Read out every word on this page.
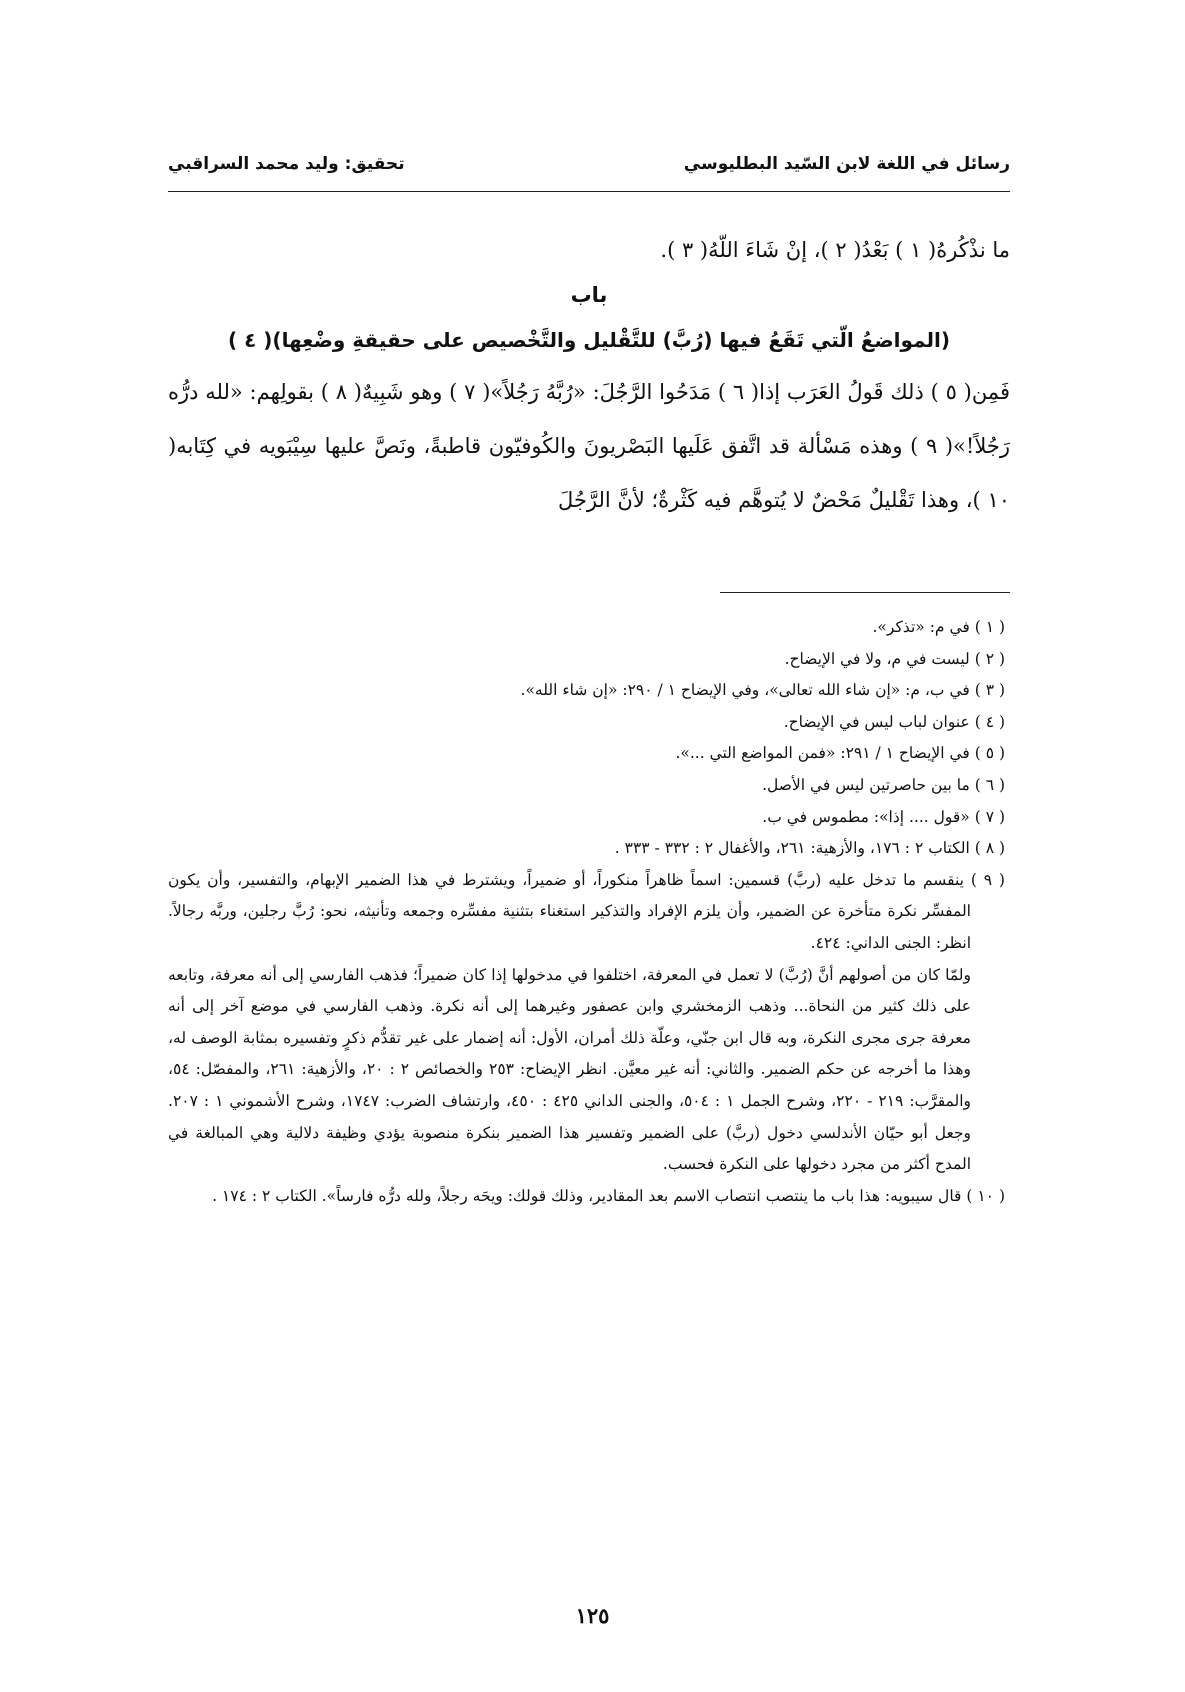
رسائل في اللغة لابن السّيد البطليوسي
تحقيق: وليد محمد السراقبي

ما نذْكُرهُ( ١ ) بَعْدُ( ٢ )، إنْ شَاءَ اللّهُ( ٣ ).

باب

(المواضعُ الّتي تَقَعُ فيها (رُبَّ) للتَّقْليل والتَّخْصيص على حقيقةِ وضْعِها)( ٤ )

فَمِن( ٥ ) ذلك قَولُ العَرَب إذا( ٦ ) مَدَحُوا الرَّجُلَ: «رُبَّهُ رَجُلاً»( ٧ ) وهو شَبِيهٌ( ٨ ) بقولِهم: «لله درُّه رَجُلاً!»( ٩ ) وهذه مَسْألة قد اتَّفق عَلَيها البَصْريونَ والكُوفيّون قاطبةً، ونَصَّ عليها سِيْبَويه في كِتَابه( ١٠ )، وهذا تَقْليلٌ مَحْضٌ لا يُتوهَّم فيه كَثْرةٌ؛ لأنَّ الرَّجُلَ

( ١ ) في م: «تذكر».

( ٢ ) ليست في م، ولا في الإيضاح.

( ٣ ) في ب، م: «إن شاء الله تعالى»، وفي الإيضاح ١ / ٢٩٠: «إن شاء الله».

( ٤ ) عنوان لباب ليس في الإيضاح.

( ٥ ) في الإيضاح ١ / ٢٩١: «فمن المواضع التي ...».

( ٦ ) ما بين حاصرتين ليس في الأصل.

( ٧ ) «قول .... إذا»: مطموس في ب.

( ٨ ) الكتاب ٢ : ١٧٦، والأزهية: ٢٦١، والأغفال ٢ : ٣٣٢ - ٣٣٣ .

( ٩ ) ينقسم ما تدخل عليه (ربَّ) قسمين: اسماً ظاهراً منكوراً، أو ضميراً، ويشترط في هذا الضمير الإبهام، والتفسير، وأن يكون المفسِّر نكرة متأخرة عن الضمير، وأن يلزم الإفراد والتذكير استغناء بتثنية مفسِّره وجمعه وتأنيثه، نحو: رُبَّ رجلين، وربَّه رجالاً. انظر: الجنى الداني: ٤٢٤.

ولمّا كان من أصولهم أنَّ (رُبَّ) لا تعمل في المعرفة، اختلفوا في مدخولها إذا كان ضميراً؛ فذهب الفارسي إلى أنه معرفة، وتابعه على ذلك كثير من النحاة... وذهب الزمخشري وابن عصفور وغيرهما إلى أنه نكرة. وذهب الفارسي في موضع آخر إلى أنه معرفة جرى مجرى النكرة، وبه قال ابن جنّي، وعلّة ذلك أمران، الأول: أنه إضمار على غير تقدُّم ذكرٍ وتفسيره بمثابة الوصف له، وهذا ما أخرجه عن حكم الضمير. والثاني: أنه غير معيَّن. انظر الإيضاح: ٢٥٣ والخصائص ٢ : ٢٠، والأزهية: ٢٦١، والمفصّل: ٥٤، والمقرَّب: ٢١٩ - ٢٢٠، وشرح الجمل ١ : ٥٠٤، والجنى الداني ٤٢٥ : ٤٥٠، وارتشاف الضرب: ١٧٤٧، وشرح الأشموني ١ : ٢٠٧. وجعل أبو حيّان الأندلسي دخول (ربَّ) على الضمير وتفسير هذا الضمير بنكرة منصوبة يؤدي وظيفة دلالية وهي المبالغة في المدح أكثر من مجرد دخولها على النكرة فحسب.

( ١٠ ) قال سيبويه: هذا باب ما ينتصب انتصاب الاسم بعد المقادير، وذلك قولك: ويحَه رجلاً، ولله درُّه فارساً». الكتاب ٢ : ١٧٤ .

١٢٥
